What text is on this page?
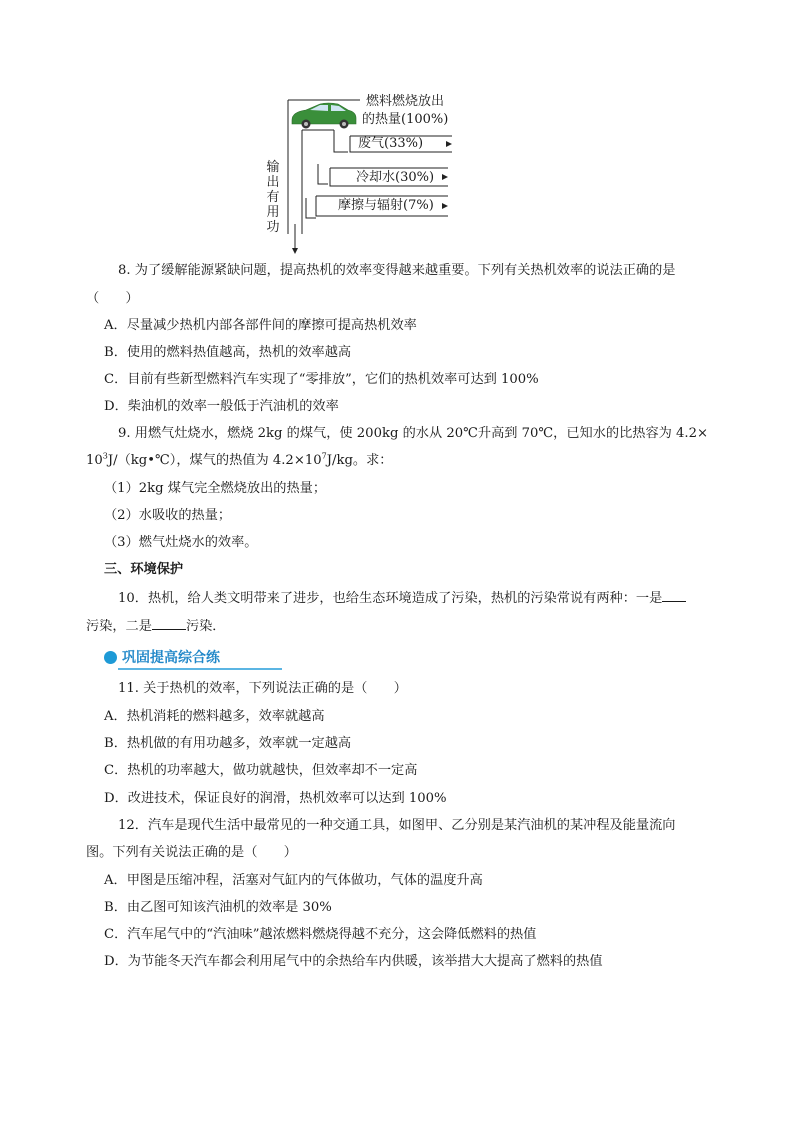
燃料燃烧放出
的热量(100%)
废气(33%)
冷却水(30%)
摩擦与辐射(7%)
输
出
有
用
功
8. 为了缓解能源紧缺问题，提高热机的效率变得越来越重要。下列有关热机效率的说法正确的是
（　　）
A．尽量减少热机内部各部件间的摩擦可提高热机效率
B．使用的燃料热值越高，热机的效率越高
C．目前有些新型燃料汽车实现了“零排放”，它们的热机效率可达到 100%
D．柴油机的效率一般低于汽油机的效率
9. 用燃气灶烧水，燃烧 2kg 的煤气，使 200kg 的水从 20℃升高到 70℃，已知水的比热容为 4.2×
$10^3J/(kg•℃)$，煤气的热值为 $4.2\times 10^7J/kg$。求：
（1）2kg 煤气完全燃烧放出的热量；
（2）水吸收的热量；
（3）燃气灶烧水的效率。
三、环境保护
10．热机，给人类文明带来了进步，也给生态环境造成了污染，热机的污染常说有两种：一是
污染，二是	污染．
巩固提高综合练
11. 关于热机的效率，下列说法正确的是（　　）
A．热机消耗的燃料越多，效率就越高
B．热机做的有用功越多，效率就一定越高
C．热机的功率越大，做功就越快，但效率却不一定高
D．改进技术，保证良好的润滑，热机效率可以达到 100%
12．汽车是现代生活中最常见的一种交通工具，如图甲、乙分别是某汽油机的某冲程及能量流向
图。下列有关说法正确的是（　　）
A．甲图是压缩冲程，活塞对气缸内的气体做功，气体的温度升高
B．由乙图可知该汽油机的效率是 30%
C．汽车尾气中的“汽油味”越浓燃料燃烧得越不充分，这会降低燃料的热值
D．为节能冬天汽车都会利用尾气中的余热给车内供暖，该举措大大提高了燃料的热值
